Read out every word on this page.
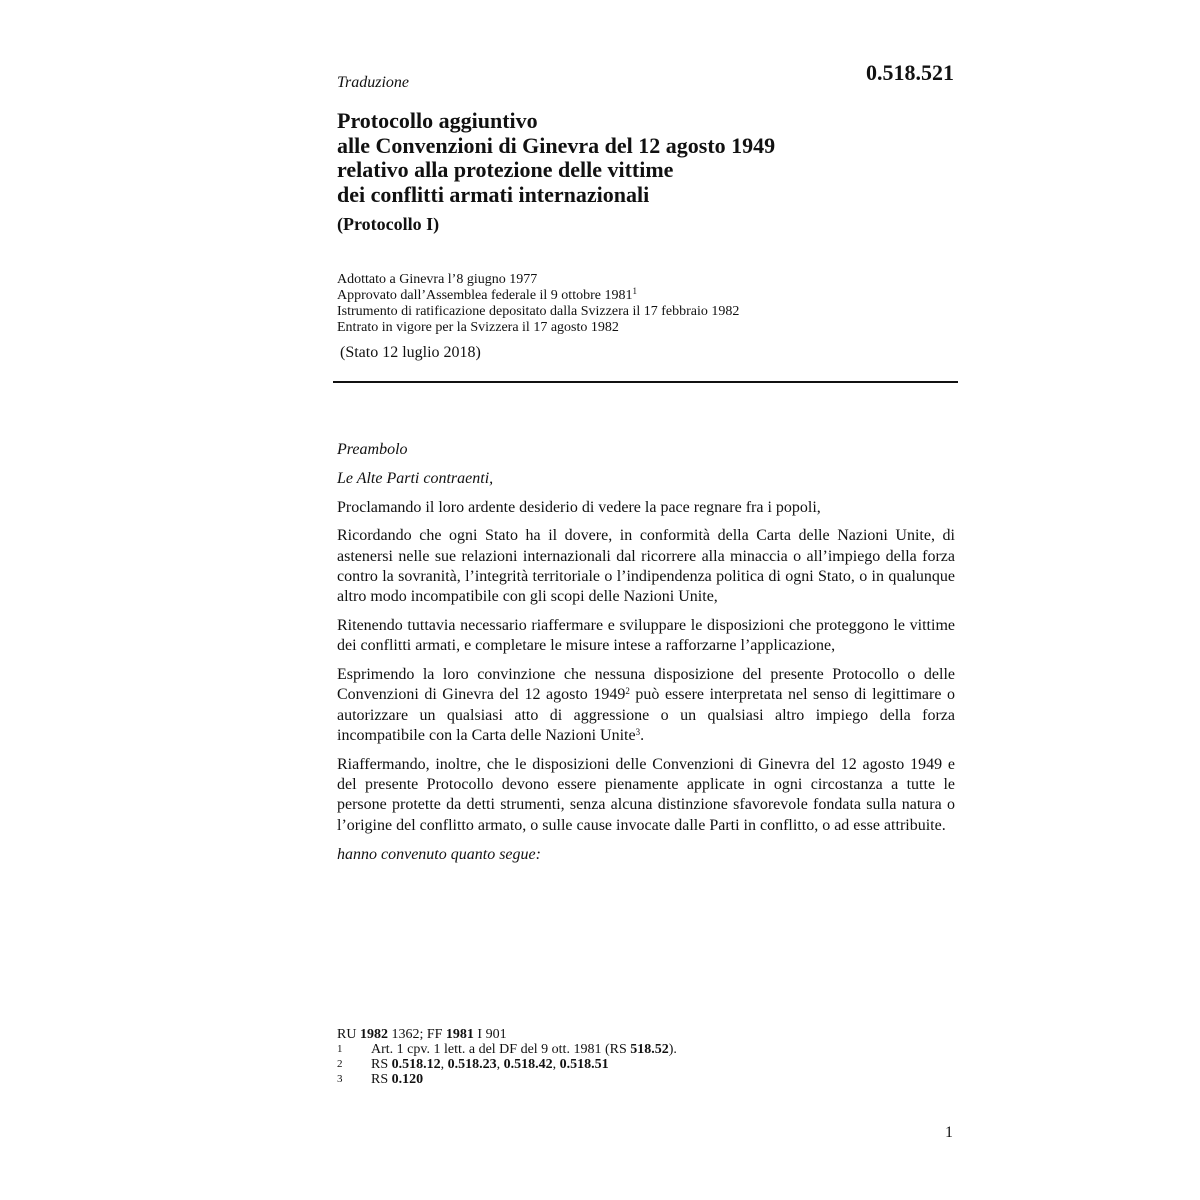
Traduzione	0.518.521
Protocollo aggiuntivo
alle Convenzioni di Ginevra del 12 agosto 1949
relativo alla protezione delle vittime
dei conflitti armati internazionali
(Protocollo I)
Adottato a Ginevra l’8 giugno 1977
Approvato dall’Assemblea federale il 9 ottobre 1981$^1$
Istrumento di ratificazione depositato dalla Svizzera il 17 febbraio 1982
Entrato in vigore per la Svizzera il 17 agosto 1982
(Stato 12 luglio 2018)

Preambolo

Le Alte Parti contraenti,

Proclamando il loro ardente desiderio di vedere la pace regnare fra i popoli,

Ricordando che ogni Stato ha il dovere, in conformità della Carta delle Nazioni Unite, di astenersi nelle sue relazioni internazionali dal ricorrere alla minaccia o all’impiego della forza contro la sovranità, l’integrità territoriale o l’indipendenza politica di ogni Stato, o in qualunque altro modo incompatibile con gli scopi delle Nazioni Unite,

Ritenendo tuttavia necessario riaffermare e sviluppare le disposizioni che proteggono le vittime dei conflitti armati, e completare le misure intese a rafforzarne l’applicazione,

Esprimendo la loro convinzione che nessuna disposizione del presente Protocollo o delle Convenzioni di Ginevra del 12 agosto 1949$^2$ può essere interpretata nel senso di legittimare o autorizzare un qualsiasi atto di aggressione o un qualsiasi altro impiego della forza incompatibile con la Carta delle Nazioni Unite$^3$.

Riaffermando, inoltre, che le disposizioni delle Convenzioni di Ginevra del 12 agosto 1949 e del presente Protocollo devono essere pienamente applicate in ogni circostanza a tutte le persone protette da detti strumenti, senza alcuna distinzione sfavorevole fondata sulla natura o l’origine del conflitto armato, o sulle cause invocate dalle Parti in conflitto, o ad esse attribuite.

hanno convenuto quanto segue:

RU 1982 1362; FF 1981 I 901
1	Art. 1 cpv. 1 lett. a del DF del 9 ott. 1981 (RS 518.52).
2	RS 0.518.12, 0.518.23, 0.518.42, 0.518.51
3	RS 0.120
1
